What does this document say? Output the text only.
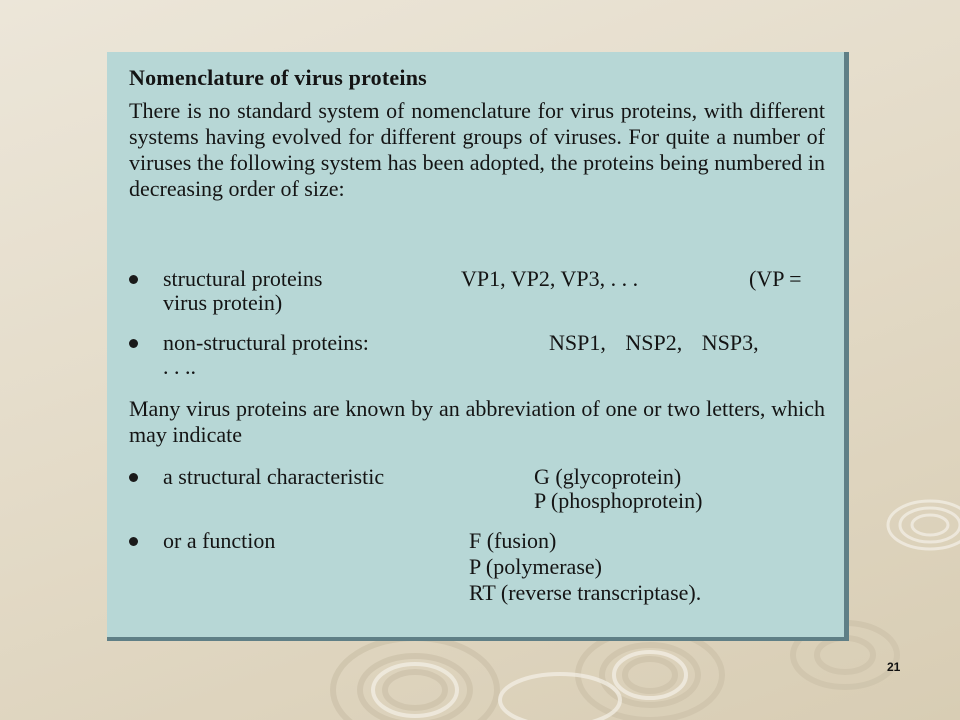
Nomenclature of virus proteins
There is no standard system of nomenclature for virus proteins, with different systems having evolved for different groups of viruses. For quite a number of viruses the following system has been adopted, the proteins being numbered in decreasing order of size:
structural proteins	VP1, VP2, VP3, . . .	(VP =
virus protein)
non-structural proteins:	NSP1, NSP2, NSP3,
. . ..
Many virus proteins are known by an abbreviation of one or two letters, which may indicate
a structural characteristic	G (glycoprotein)
P (phosphoprotein)
or a function	F (fusion)
P (polymerase)
RT (reverse transcriptase).
21
